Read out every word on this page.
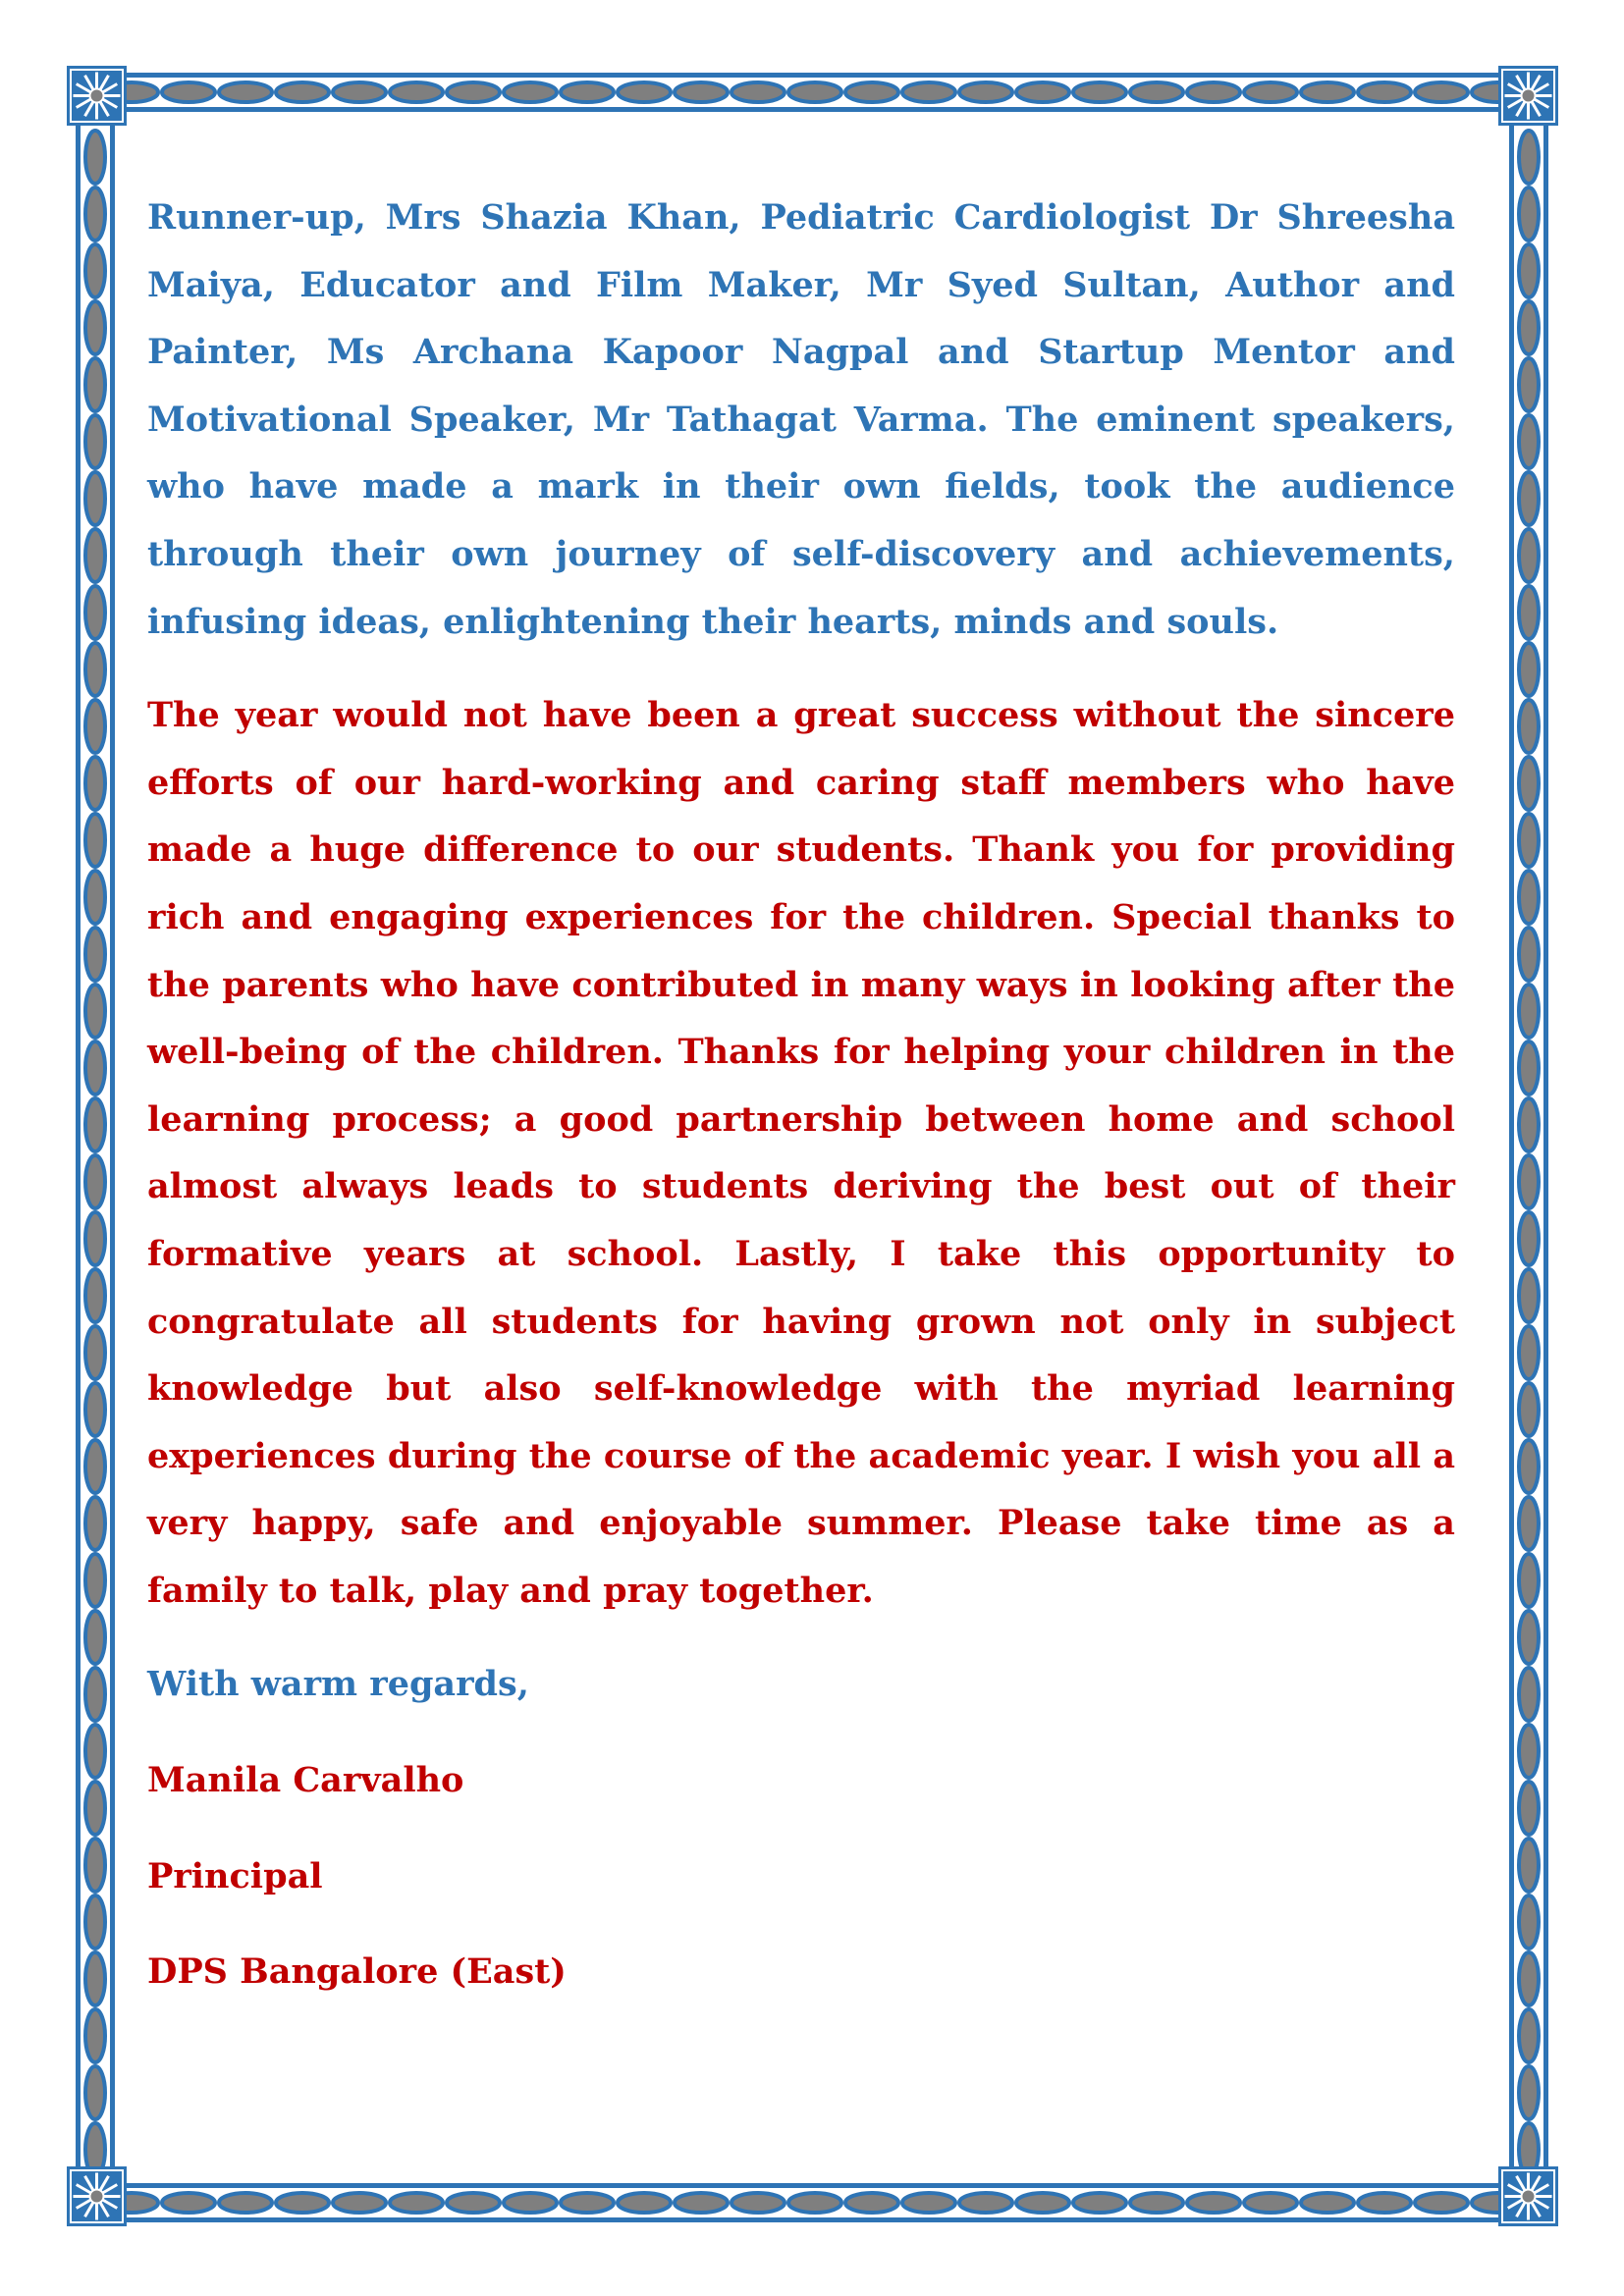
Runner-up, Mrs Shazia Khan, Pediatric Cardiologist Dr Shreesha Maiya, Educator and Film Maker, Mr Syed Sultan, Author and Painter, Ms Archana Kapoor Nagpal and Startup Mentor and Motivational Speaker, Mr Tathagat Varma. The eminent speakers, who have made a mark in their own fields, took the audience through their own journey of self-discovery and achievements, infusing ideas, enlightening their hearts, minds and souls.

The year would not have been a great success without the sincere efforts of our hard-working and caring staff members who have made a huge difference to our students. Thank you for providing rich and engaging experiences for the children. Special thanks to the parents who have contributed in many ways in looking after the well-being of the children. Thanks for helping your children in the learning process; a good partnership between home and school almost always leads to students deriving the best out of their formative years at school. Lastly, I take this opportunity to congratulate all students for having grown not only in subject knowledge but also self-knowledge with the myriad learning experiences during the course of the academic year. I wish you all a very happy, safe and enjoyable summer. Please take time as a family to talk, play and pray together.

With warm regards,

Manila Carvalho

Principal

DPS Bangalore (East)
